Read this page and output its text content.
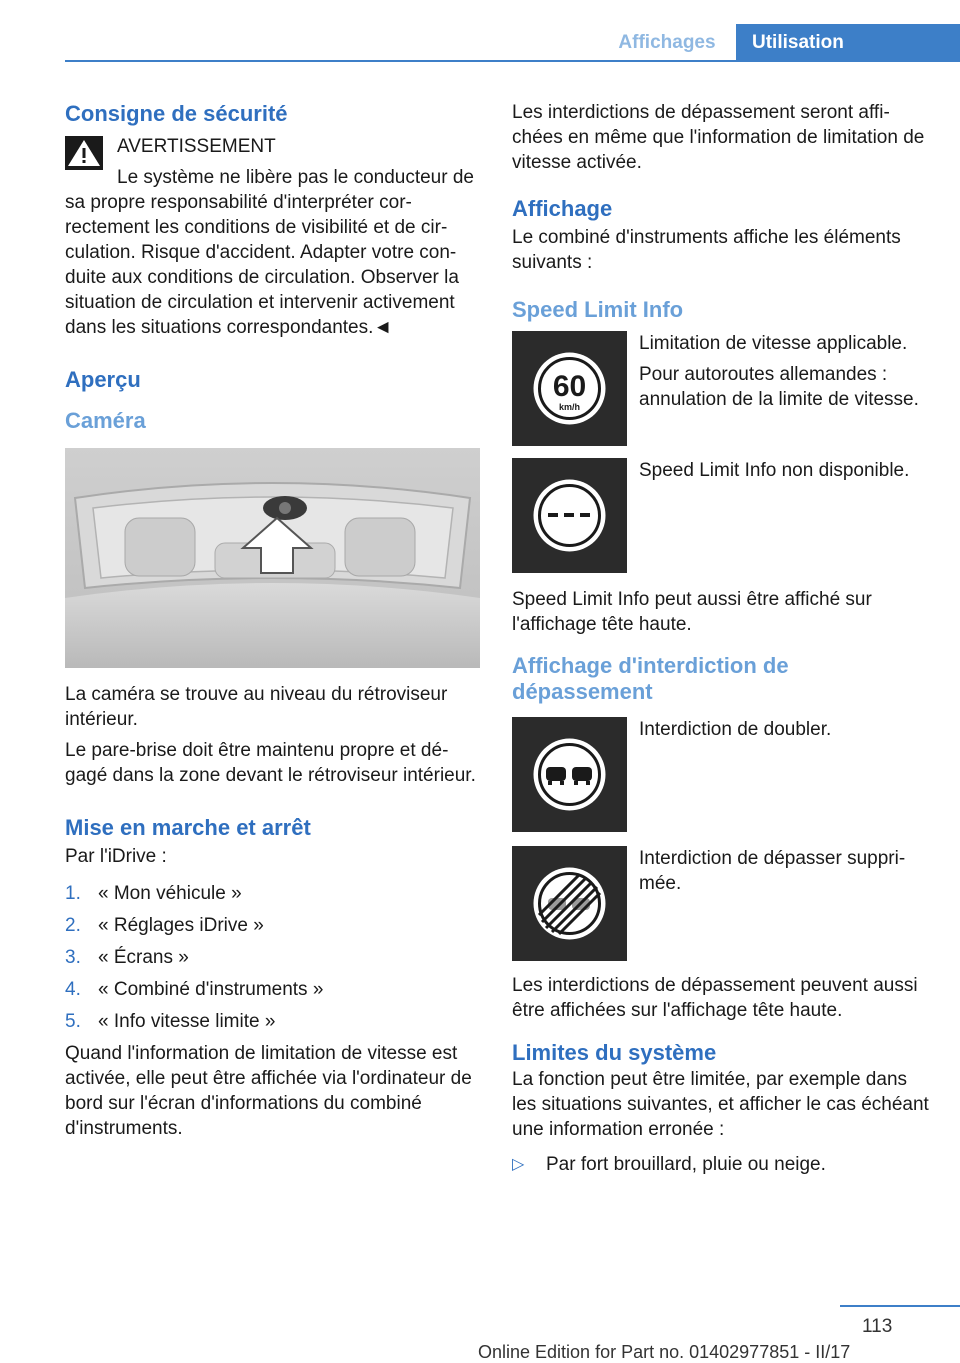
Affichages	Utilisation
Consigne de sécurité

AVERTISSEMENT

Le système ne libère pas le conducteur de sa propre responsabilité d'interpréter correctement les conditions de visibilité et de circulation. Risque d'accident. Adapter votre conduite aux conditions de circulation. Observer la situation de circulation et intervenir activement dans les situations correspondantes.◄

Aperçu
Caméra

La caméra se trouve au niveau du rétroviseur intérieur.

Le pare-brise doit être maintenu propre et dégagé dans la zone devant le rétroviseur intérieur.

Mise en marche et arrêt

Par l'iDrive :

1. « Mon véhicule »
2. « Réglages iDrive »
3. « Écrans »
4. « Combiné d'instruments »
5. « Info vitesse limite »

Quand l'information de limitation de vitesse est activée, elle peut être affichée via l'ordinateur de bord sur l'écran d'informations du combiné d'instruments.

Les interdictions de dépassement seront affichées en même que l'information de limitation de vitesse activée.

Affichage

Le combiné d'instruments affiche les éléments suivants :

Speed Limit Info
60
km/h

Limitation de vitesse applicable.

Pour autoroutes allemandes : annulation de la limite de vitesse.

Speed Limit Info non disponible.

Speed Limit Info peut aussi être affiché sur l'affichage tête haute.

Affichage d'interdiction de dépassement

Interdiction de doubler.

Interdiction de dépasser supprimée.

Les interdictions de dépassement peuvent aussi être affichées sur l'affichage tête haute.

Limites du système

La fonction peut être limitée, par exemple dans les situations suivantes, et afficher le cas échéant une information erronée :

▷	Par fort brouillard, pluie ou neige.
113
Online Edition for Part no. 01402977851 - II/17
